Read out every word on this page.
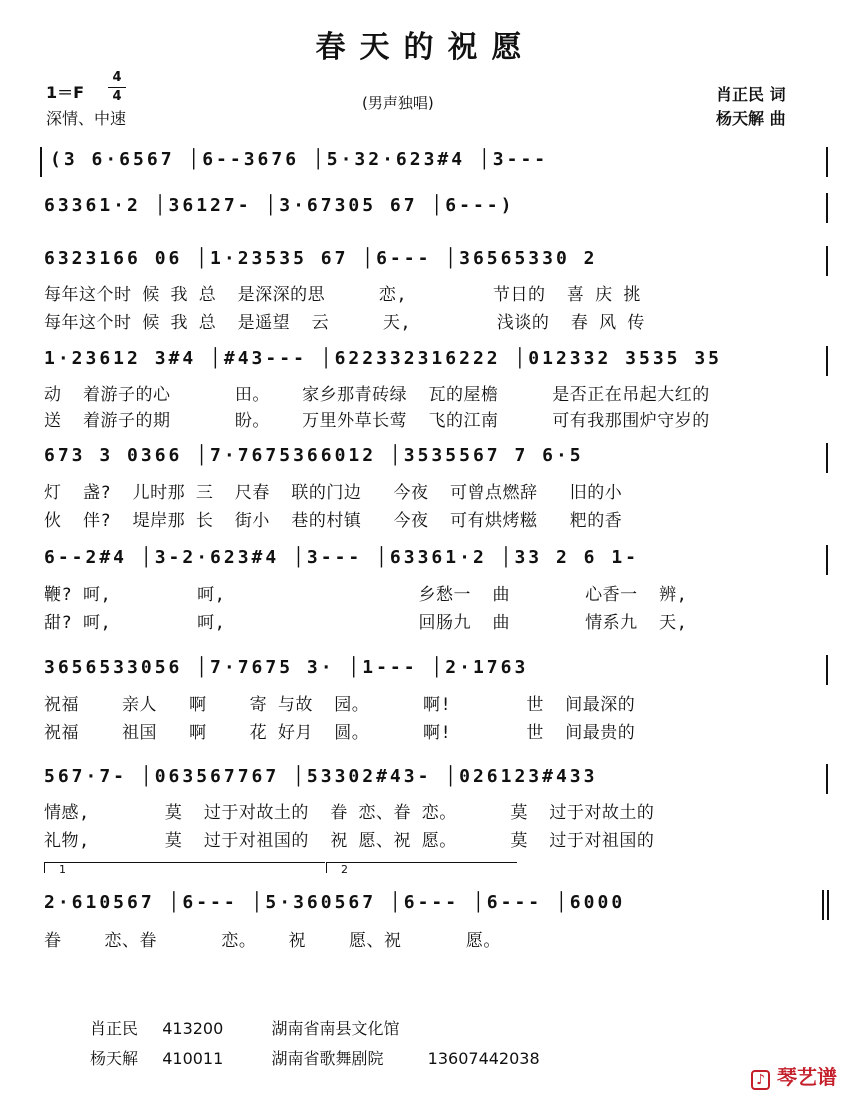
春天的祝愿
1＝F
4
4
深情、中速
(男声独唱)	肖正民 词
杨天解 曲
(3 6·6567 │6--3676 │5·32·623#4 │3---
63361·2 │36127- │3·67305 67 │6---)
6323166 06 │1·23535 67 │6--- │36565330 2
每年这个时 候 我 总  是深深的思     恋,        节日的  喜 庆 挑
每年这个时 候 我 总  是遥望  云     天,        浅谈的  春 风 传
1·23612 3#4 │#43--- │622332316222 │012332 3535 35
动  着游子的心      田。   家乡那青砖绿  瓦的屋檐     是否正在吊起大红的
送  着游子的期      盼。   万里外草长莺  飞的江南     可有我那围炉守岁的
673 3 0366 │7·7675366012 │3535567 7 6·5
灯  盏?  儿时那 三  尺春  联的门边   今夜  可曾点燃辞   旧的小
伙  伴?  堤岸那 长  街小  巷的村镇   今夜  可有烘烤糍   粑的香
6--2#4 │3-2·623#4 │3--- │63361·2 │33 2 6 1-
鞭? 呵,        呵,                  乡愁一  曲       心香一  辨,
甜? 呵,        呵,                  回肠九  曲       情系九  天,
3656533056 │7·7675 3· │1--- │2·1763
祝福    亲人   啊    寄 与故  园。     啊!       世  间最深的
祝福    祖国   啊    花 好月  圆。     啊!       世  间最贵的
567·7- │063567767 │53302#43- │026123#433
情感,       莫  过于对故土的  眷 恋、眷 恋。     莫  过于对故土的
礼物,       莫  过于对祖国的  祝 愿、祝 愿。     莫  过于对祖国的
1	2
2·610567 │6--- │5·360567 │6--- │6--- │6000
眷    恋、眷      恋。   祝    愿、祝      愿。
肖正民 413200	湖南省南县文化馆
杨天解 410011	湖南省歌舞剧院	13607442038
♪ 琴艺谱
